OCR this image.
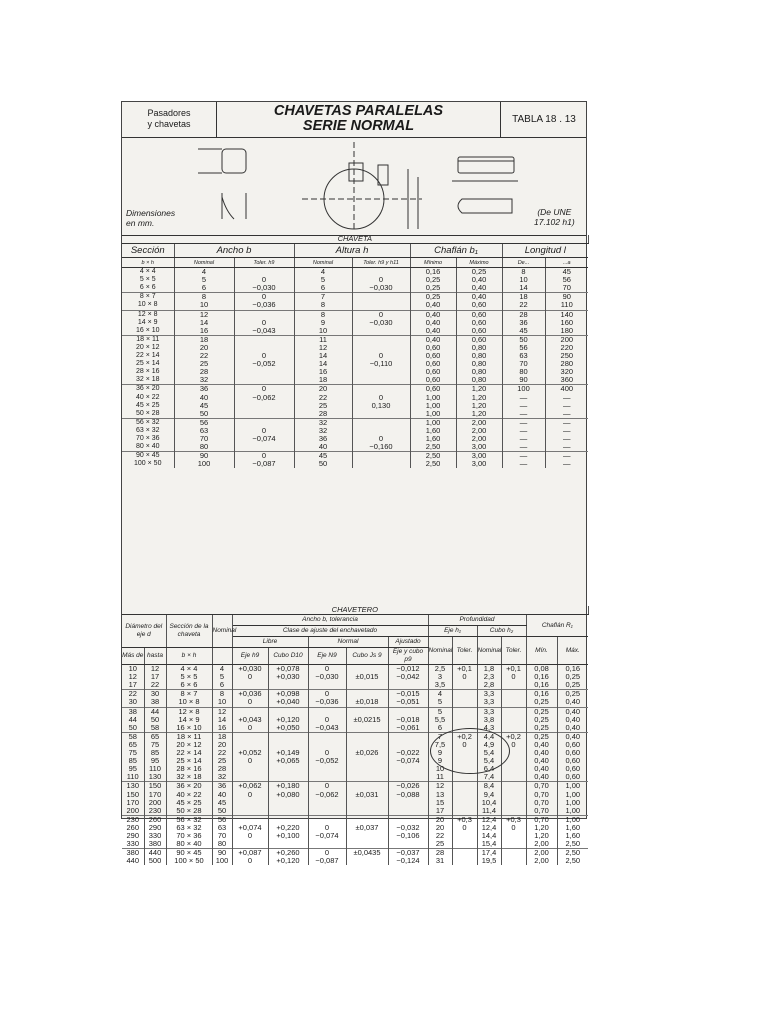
Pasadores
y chavetas
CHAVETAS PARALELAS
SERIE NORMAL	TABLA 18 . 13
Dimensiones
en mm.
(De UNE
17.102 h1)
CHAVETA								
Sección	Ancho b		Altura h		Chaflán b₁		Longitud l	
b × h	Nominal	Toler. h9	Nominal	Toler. h9 y h11	Mínimo	Máximo	De...	...a
4 × 4	4		4		0,16	0,25	8	45
5 × 5	5	0	5	0	0,25	0,40	10	56
6 × 6	6	−0,030	6	−0,030	0,25	0,40	14	70
8 × 7	8	0	7		0,25	0,40	18	90
10 × 8	10	−0,036	8		0,40	0,60	22	110
12 × 8	12		8	0	0,40	0,60	28	140
14 × 9	14	0	9	−0,030	0,40	0,60	36	160
16 × 10	16	−0,043	10		0,40	0,60	45	180
18 × 11	18		11		0,40	0,60	50	200
20 × 12	20		12		0,60	0,80	56	220
22 × 14	22	0	14	0	0,60	0,80	63	250
25 × 14	25	−0,052	14	−0,110	0,60	0,80	70	280
28 × 16	28		16		0,60	0,80	80	320
32 × 18	32		18		0,60	0,80	90	360
36 × 20	36	0	20		0,60	1,20	100	400
40 × 22	40	−0,062	22	0	1,00	1,20	—	—
45 × 25	45		25	0,130	1,00	1,20	—	—
50 × 28	50		28		1,00	1,20	—	—
56 × 32	56		32		1,00	2,00	—	—
63 × 32	63	0	32		1,60	2,00	—	—
70 × 36	70	−0,074	36	0	1,60	2,00	—	—
80 × 40	80		40	−0,160	2,50	3,00	—	—
90 × 45	90	0	45		2,50	3,00	—	—
100 × 50	100	−0,087	50		2,50	3,00	—	—
CHAVETERO														
Diámetro del eje d		Sección de la chaveta	Nominal	Ancho b, tolerancia					Profundidad				Chaflán R₁	
				Clase de ajuste del enchavetado					Eje h₁		Cubo h₂			
				Libre		Normal		Ajustado	Nominal	Toler.	Nominal	Toler.	Mín.	Máx.
Más de	hasta	b × h		Eje h9	Cubo D10	Eje N9	Cubo Js 9	Eje y cubo p9						
10	12	4 × 4	4	+0,030	+0,078	0		−0,012	2,5	+0,1	1,8	+0,1	0,08	0,16
12	17	5 × 5	5	0	+0,030	−0,030	±0,015	−0,042	3	0	2,3	0	0,16	0,25
17	22	6 × 6	6						3,5		2,8		0,16	0,25
22	30	8 × 7	8	+0,036	+0,098	0		−0,015	4		3,3		0,16	0,25
30	38	10 × 8	10	0	+0,040	−0,036	±0,018	−0,051	5		3,3		0,25	0,40
38	44	12 × 8	12						5		3,3		0,25	0,40
44	50	14 × 9	14	+0,043	+0,120	0	±0,0215	−0,018	5,5		3,8		0,25	0,40
50	58	16 × 10	16	0	+0,050	−0,043		−0,061	6		4,3		0,25	0,40
58	65	18 × 11	18						7	+0,2	4,4	+0,2	0,25	0,40
65	75	20 × 12	20						7,5	0	4,9	0	0,40	0,60
75	85	22 × 14	22	+0,052	+0,149	0	±0,026	−0,022	9		5,4		0,40	0,60
85	95	25 × 14	25	0	+0,065	−0,052		−0,074	9		5,4		0,40	0,60
95	110	28 × 16	28						10		6,4		0,40	0,60
110	130	32 × 18	32						11		7,4		0,40	0,60
130	150	36 × 20	36	+0,062	+0,180	0		−0,026	12		8,4		0,70	1,00
150	170	40 × 22	40	0	+0,080	−0,062	±0,031	−0,088	13		9,4		0,70	1,00
170	200	45 × 25	45						15		10,4		0,70	1,00
200	230	50 × 28	50						17		11,4		0,70	1,00
230	260	56 × 32	56						20	+0,3	12,4	+0,3	0,70	1,00
260	290	63 × 32	63	+0,074	+0,220	0	±0,037	−0,032	20	0	12,4	0	1,20	1,60
290	330	70 × 36	70	0	+0,100	−0,074		−0,106	22		14,4		1,20	1,60
330	380	80 × 40	80						25		15,4		2,00	2,50
380	440	90 × 45	90	+0,087	+0,260	0	±0,0435	−0,037	28		17,4		2,00	2,50
440	500	100 × 50	100	0	+0,120	−0,087		−0,124	31		19,5		2,00	2,50
